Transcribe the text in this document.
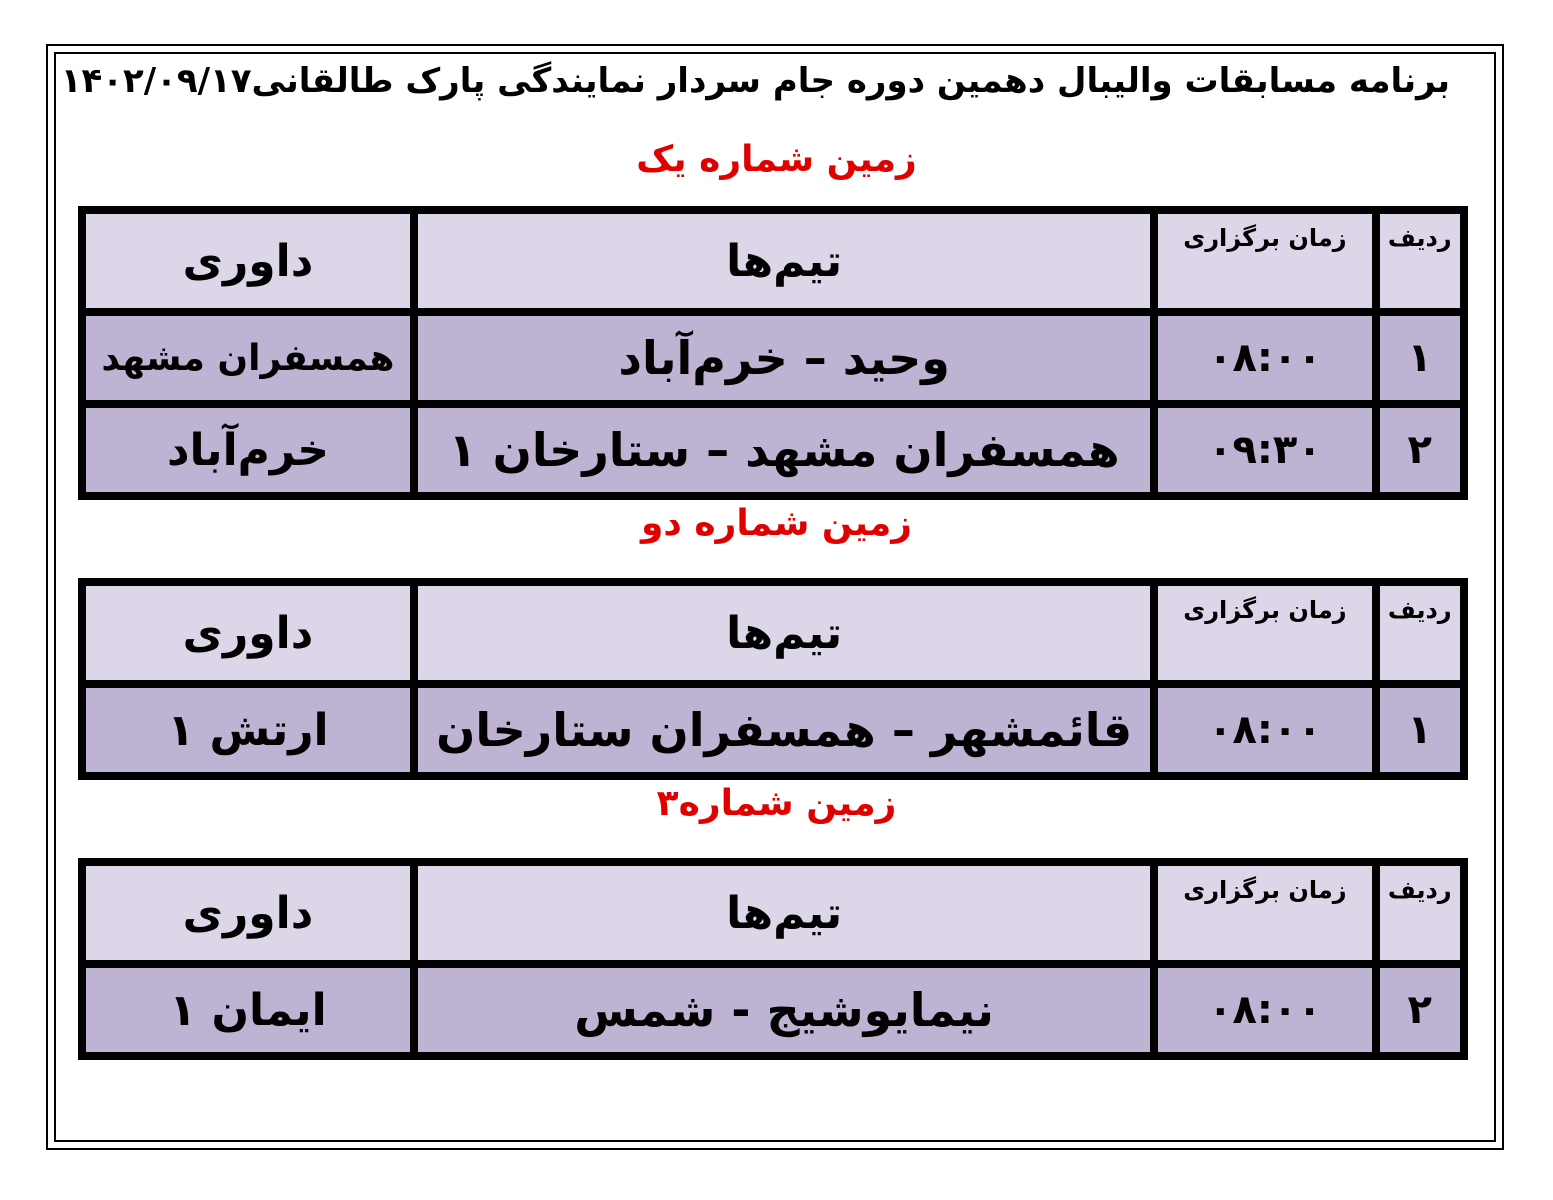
برنامه مسابقات والیبال دهمین دوره جام سردار نمایندگی پارک طالقانی۱۴۰۲/۰۹/۱۷
زمین شماره یک
ردیف	زمان برگزاری	تیم‌ها	داوری
۱	۰۸:۰۰	وحید – خرم‌آباد	همسفران مشهد
۲	۰۹:۳۰	همسفران مشهد – ستارخان ۱	خرم‌آباد
زمین شماره دو
ردیف	زمان برگزاری	تیم‌ها	داوری
۱	۰۸:۰۰	قائمشهر – همسفران ستارخان	ارتش ۱
زمین شماره۳
ردیف	زمان برگزاری	تیم‌ها	داوری
۲	۰۸:۰۰	نیمایوشیج - شمس	ایمان ۱
